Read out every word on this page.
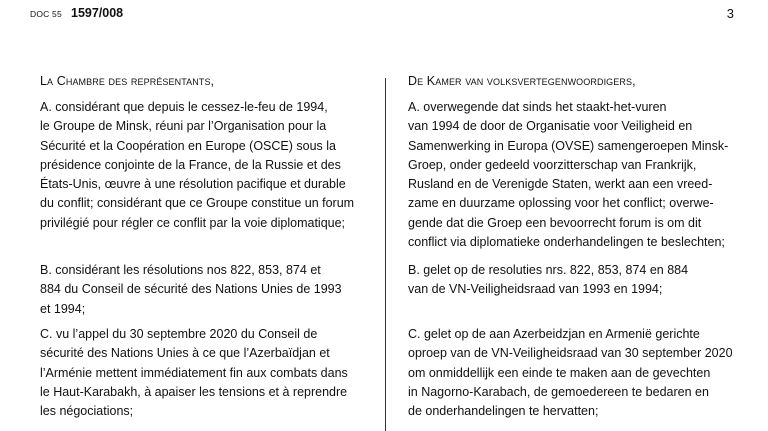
DOC 55 1597/008	3
La Chambre des représentants,

A. considérant que depuis le cessez-le-feu de 1994,
le Groupe de Minsk, réuni par l’Organisation pour la
Sécurité et la Coopération en Europe (OSCE) sous la
présidence conjointe de la France, de la Russie et des
États-Unis, œuvre à une résolution pacifique et durable
du conflit; considérant que ce Groupe constitue un forum
privilégié pour régler ce conflit par la voie diplomatique;

B. considérant les résolutions nos 822, 853, 874 et
884 du Conseil de sécurité des Nations Unies de 1993
et 1994;

C. vu l’appel du 30 septembre 2020 du Conseil de
sécurité des Nations Unies à ce que l’Azerbaïdjan et
l’Arménie mettent immédiatement fin aux combats dans
le Haut-Karabakh, à apaiser les tensions et à reprendre
les négociations;

De Kamer van volksvertegenwoordigers,

A. overwegende dat sinds het staakt-het-vuren
van 1994 de door de Organisatie voor Veiligheid en
Samenwerking in Europa (OVSE) samengeroepen Minsk-
Groep, onder gedeeld voorzitterschap van Frankrijk,
Rusland en de Verenigde Staten, werkt aan een vreed-
zame en duurzame oplossing voor het conflict; overwe-
gende dat die Groep een bevoorrecht forum is om dit
conflict via diplomatieke onderhandelingen te beslechten;

B. gelet op de resoluties nrs. 822, 853, 874 en 884
van de VN-Veiligheidsraad van 1993 en 1994;

C. gelet op de aan Azerbeidzjan en Armenië gerichte
oproep van de VN-Veiligheidsraad van 30 september 2020
om onmiddellijk een einde te maken aan de gevechten
in Nagorno-Karabach, de gemoedereen te bedaren en
de onderhandelingen te hervatten;
